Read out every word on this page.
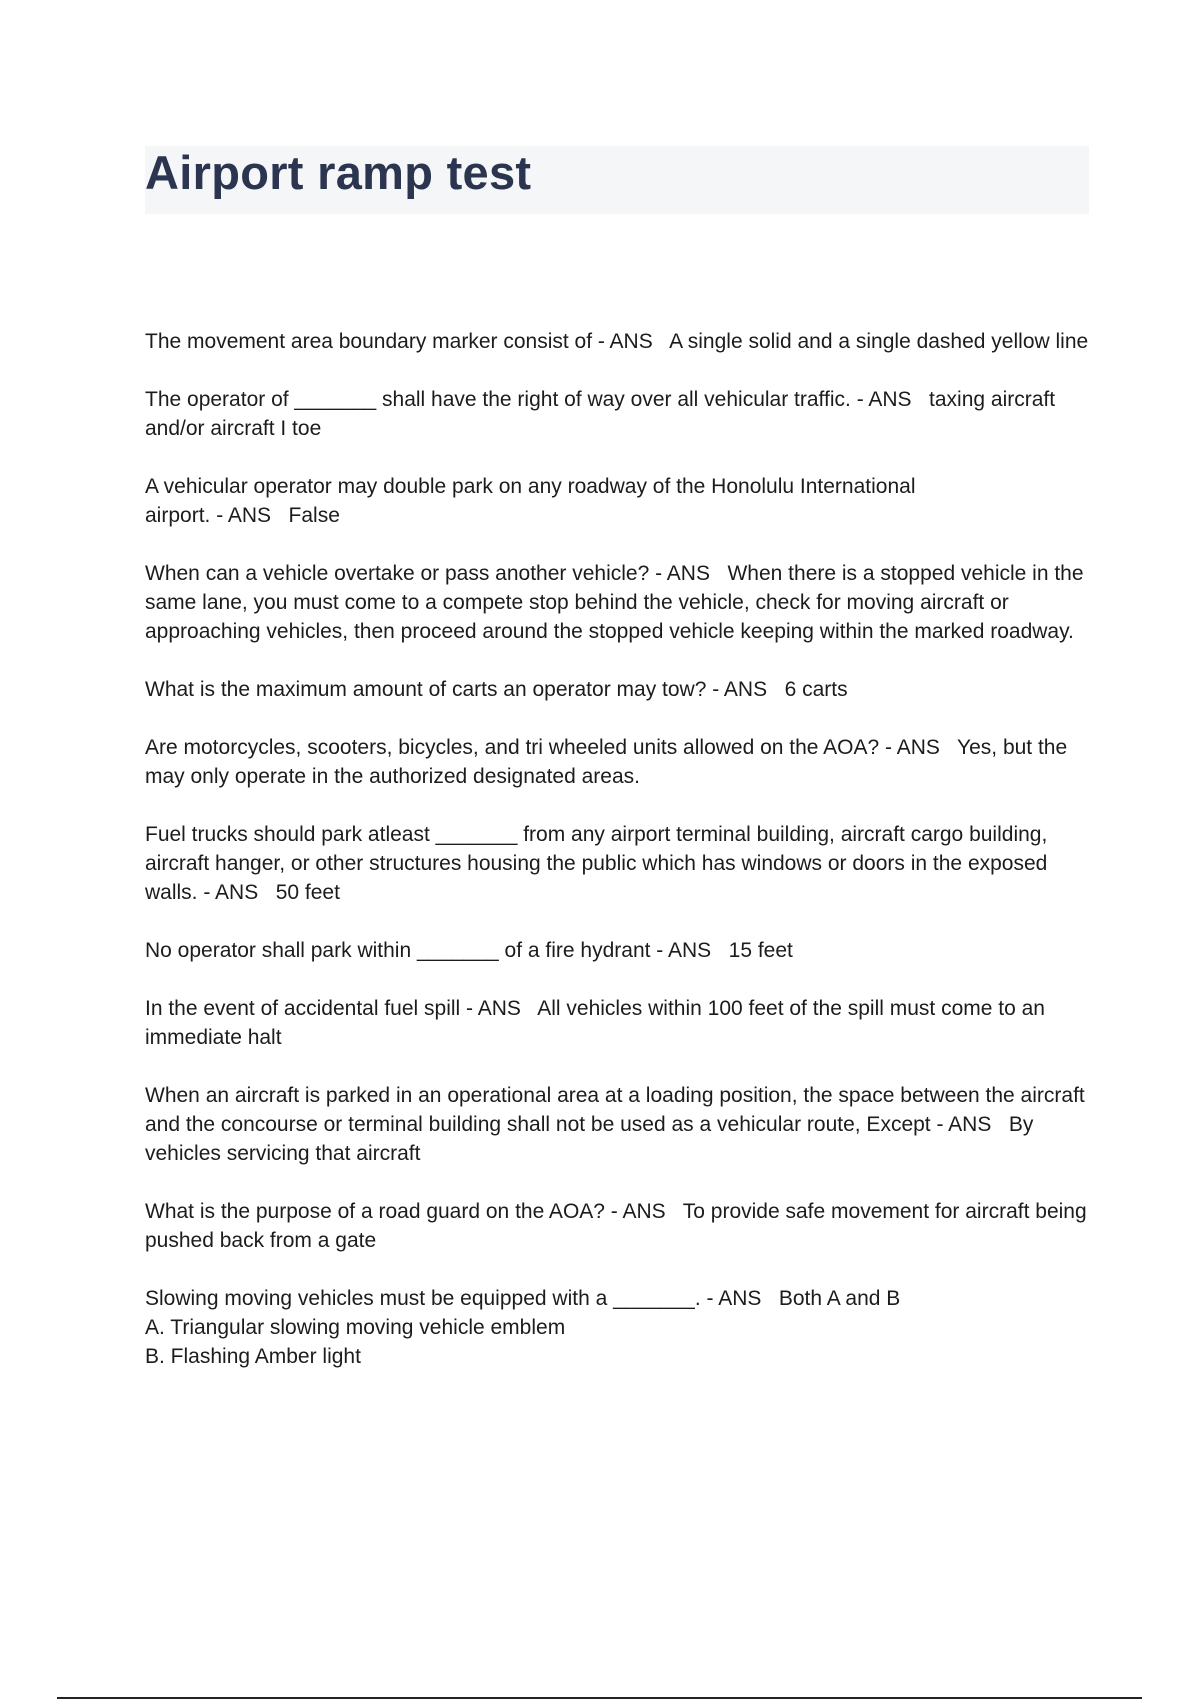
Airport ramp test
The movement area boundary marker consist of - ANS   A single solid and a single dashed yellow line
The operator of _______ shall have the right of way over all vehicular traffic. - ANS   taxing aircraft and/or aircraft I toe
A vehicular operator may double park on any roadway of the Honolulu International airport. - ANS   False
When can a vehicle overtake or pass another vehicle? - ANS   When there is a stopped vehicle in the same lane, you must come to a compete stop behind the vehicle, check for moving aircraft or approaching vehicles, then proceed around the stopped vehicle keeping within the marked roadway.
What is the maximum amount of carts an operator may tow? - ANS   6 carts
Are motorcycles, scooters, bicycles, and tri wheeled units allowed on the AOA? - ANS   Yes, but the may only operate in the authorized designated areas.
Fuel trucks should park atleast _______ from any airport terminal building, aircraft cargo building, aircraft hanger, or other structures housing the public which has windows or doors in the exposed walls. - ANS   50 feet
No operator shall park within _______ of a fire hydrant - ANS   15 feet
In the event of accidental fuel spill - ANS   All vehicles within 100 feet of the spill must come to an immediate halt
When an aircraft is parked in an operational area at a loading position, the space between the aircraft and the concourse or terminal building shall not be used as a vehicular route, Except - ANS   By vehicles servicing that aircraft
What is the purpose of a road guard on the AOA? - ANS   To provide safe movement for aircraft being pushed back from a gate
Slowing moving vehicles must be equipped with a _______. - ANS   Both A and B
A. Triangular slowing moving vehicle emblem
B. Flashing Amber light
